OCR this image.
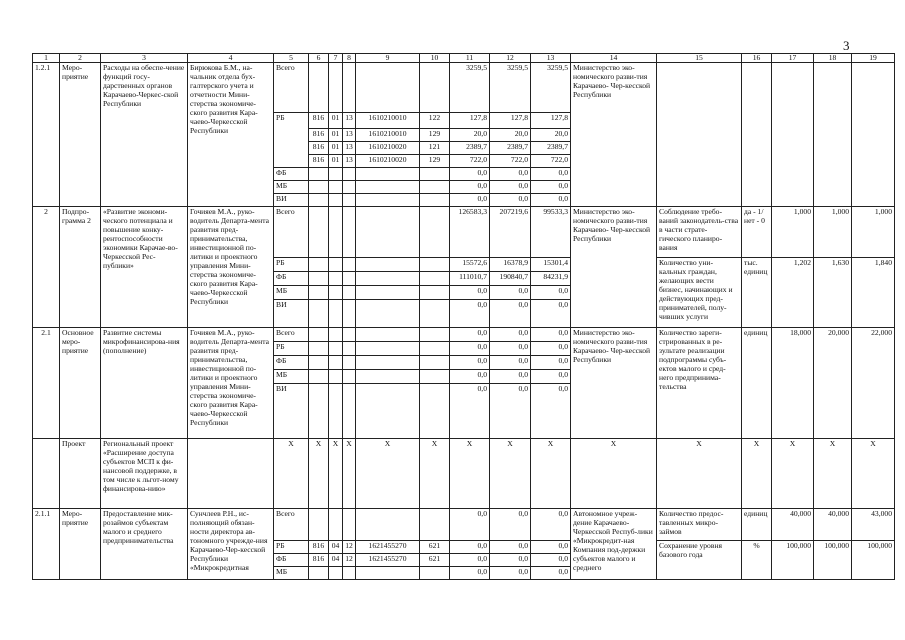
3
1	2	3	4	5	6	7	8	9	10	11	12	13	14	15	16	17	18	19
1.2.1	Меро-приятие	Расходы на обеспе-чение функций госу-дарственных органов Карачаево-Черкес-ской Республики	Бирюкова Б.М., на-чальник отдела бух-галтерского учета и отчетности Мини-стерства экономиче-ского развития Кара-чаево-Черкесской Республики	Всего						3259,5	3259,5	3259,5	Министерство эко-номического разви-тия Карачаево- Чер-кесской Республики					
				РБ	816	01	13	1610210010	122	127,8	127,8	127,8						
					816	01	13	1610210010	129	20,0	20,0	20,0						
					816	01	13	1610210020	121	2389,7	2389,7	2389,7						
					816	01	13	1610210020	129	722,0	722,0	722,0						
				ФБ						0,0	0,0	0,0						
				МБ						0,0	0,0	0,0						
				ВИ						0,0	0,0	0,0						
2	Подпро-грамма 2	«Развитие экономи-ческого потенциала и повышение конку-рентоспособности экономики Карачае-во-Черкесской Рес-публики»	Гочияев М.А., руко-водитель Департа-мента развития пред-принимательства, инвестиционной по-литики и проектного управления Мини-стерства экономиче-ского развития Кара-чаево-Черкесской Республики	Всего						126583,3	207219,6	99533,3	Министерство эко-номического разви-тия Карачаево- Чер-кесской Республики	Соблюдение требо-ваний законодатель-ства в части страте-гического планиро-вания	да - 1/ нет - 0	1,000	1,000	1,000
				РБ						15572,6	16378,9	15301,4		Количество уни-кальных граждан, желающих вести бизнес, начинающих и действующих пред-принимателей, полу-чивших услуги	тыс. единиц	1,202	1,630	1,840
				ФБ						111010,7	190840,7	84231,9						
				МБ						0,0	0,0	0,0						
				ВИ						0,0	0,0	0,0						
2.1	Основное меро-приятие	Развитие системы микрофинансирова-ния (пополнение)	Гочияев М.А., руко-водитель Департа-мента развития пред-принимательства, инвестиционной по-литики и проектного управления Мини-стерства экономиче-ского развития Кара-чаево-Черкесской Республики	Всего						0,0	0,0	0,0	Министерство эко-номического разви-тия Карачаево- Чер-кесской Республики	Количество зареги-стрированных в ре-зультате реализации подпрограммы субъ-ектов малого и сред-него предпринима-тельства	единиц	18,000	20,000	22,000
				РБ						0,0	0,0	0,0						
				ФБ						0,0	0,0	0,0						
				МБ						0,0	0,0	0,0						
				ВИ						0,0	0,0	0,0						
	Проект	Региональный проект «Расширение доступа субъектов МСП к фи-нансовой поддержке, в том числе к льгот-ному финансирова-нию»		X	X	X	X	X	X	X	X	X	X	X	X	X	X	X
2.1.1	Меро-приятие	Предоставление мик-розаймов субъектам малого и среднего предпринимательства	Сунчлеев Р.Н., ис-полняющий обязан-ности директора ав-тономного учрежде-ния Карачаево-Чер-кесской Республики «Микрокредитная	Всего						0,0	0,0	0,0	Автономное учреж-дение Карачаево-Черкесской Респуб-лики «Микрокредит-ная Компания под-держки субъектов малого и среднего	Количество предос-тавленных микро-займов	единиц	40,000	40,000	43,000
				РБ	816	04	12	1621455270	621	0,0	0,0	0,0		Сохранение уровня базового года	%	100,000	100,000	100,000
				ФБ	816	04	12	1621455270	621	0,0	0,0	0,0						
				МБ						0,0	0,0	0,0						
